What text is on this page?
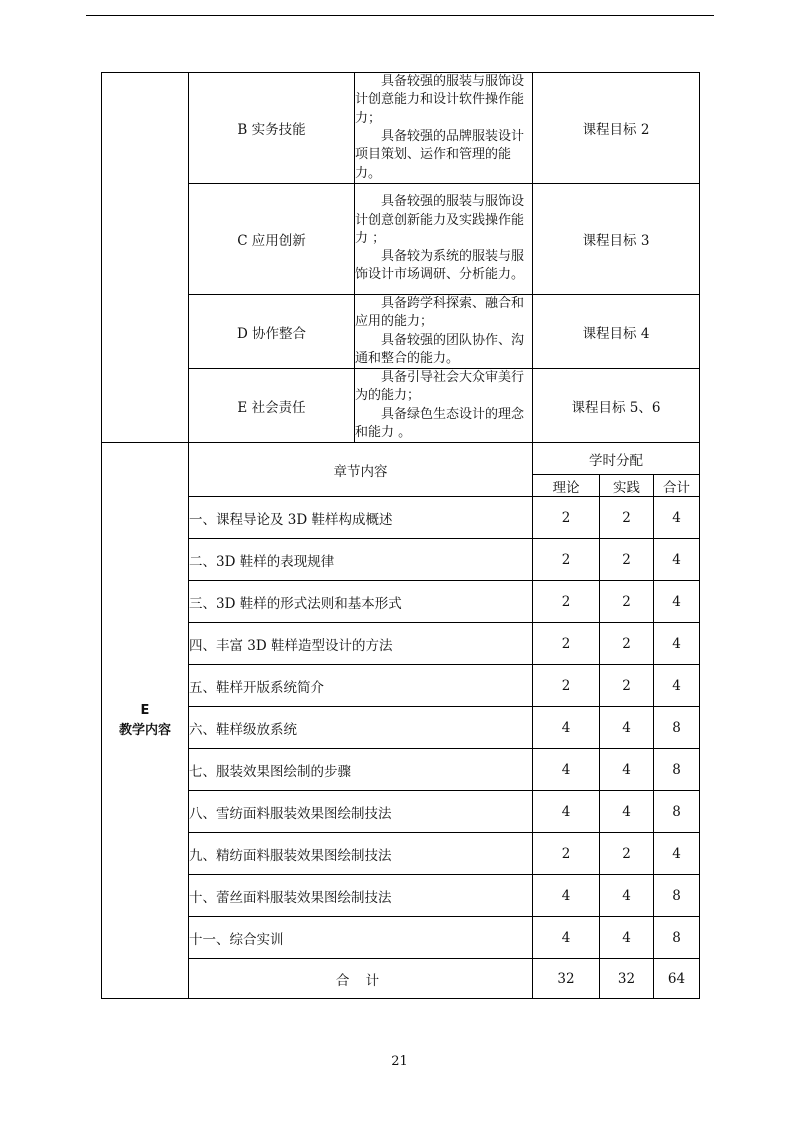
	B 实务技能	具备较强的服装与服饰设计创意能力和设计软件操作能力；

具备较强的品牌服装设计项目策划、运作和管理的能力。	课程目标 2		
	C 应用创新	具备较强的服装与服饰设计创意创新能力及实践操作能力 ；

具备较为系统的服装与服饰设计市场调研、分析能力。	课程目标 3		
	D 协作整合	具备跨学科探索、融合和应用的能力；

具备较强的团队协作、沟通和整合的能力。	课程目标 4		
	E 社会责任	具备引导社会大众审美行为的能力；

具备绿色生态设计的理念和能力 。	课程目标 5、6		

E
教学内容	章节内容		学时分配		
			理论	实践	合计
	一、课程导论及 3D 鞋样构成概述		2	2	4
	二、3D 鞋样的表现规律		2	2	4
	三、3D 鞋样的形式法则和基本形式		2	2	4
	四、丰富 3D 鞋样造型设计的方法		2	2	4
	五、鞋样开版系统简介		2	2	4
	六、鞋样级放系统		4	4	8
	七、服装效果图绘制的步骤		4	4	8
	八、雪纺面料服装效果图绘制技法		4	4	8
	九、精纺面料服装效果图绘制技法		2	2	4
	十、蕾丝面料服装效果图绘制技法		4	4	8
	十一、综合实训		4	4	8
	合 计		32	32	64
21
